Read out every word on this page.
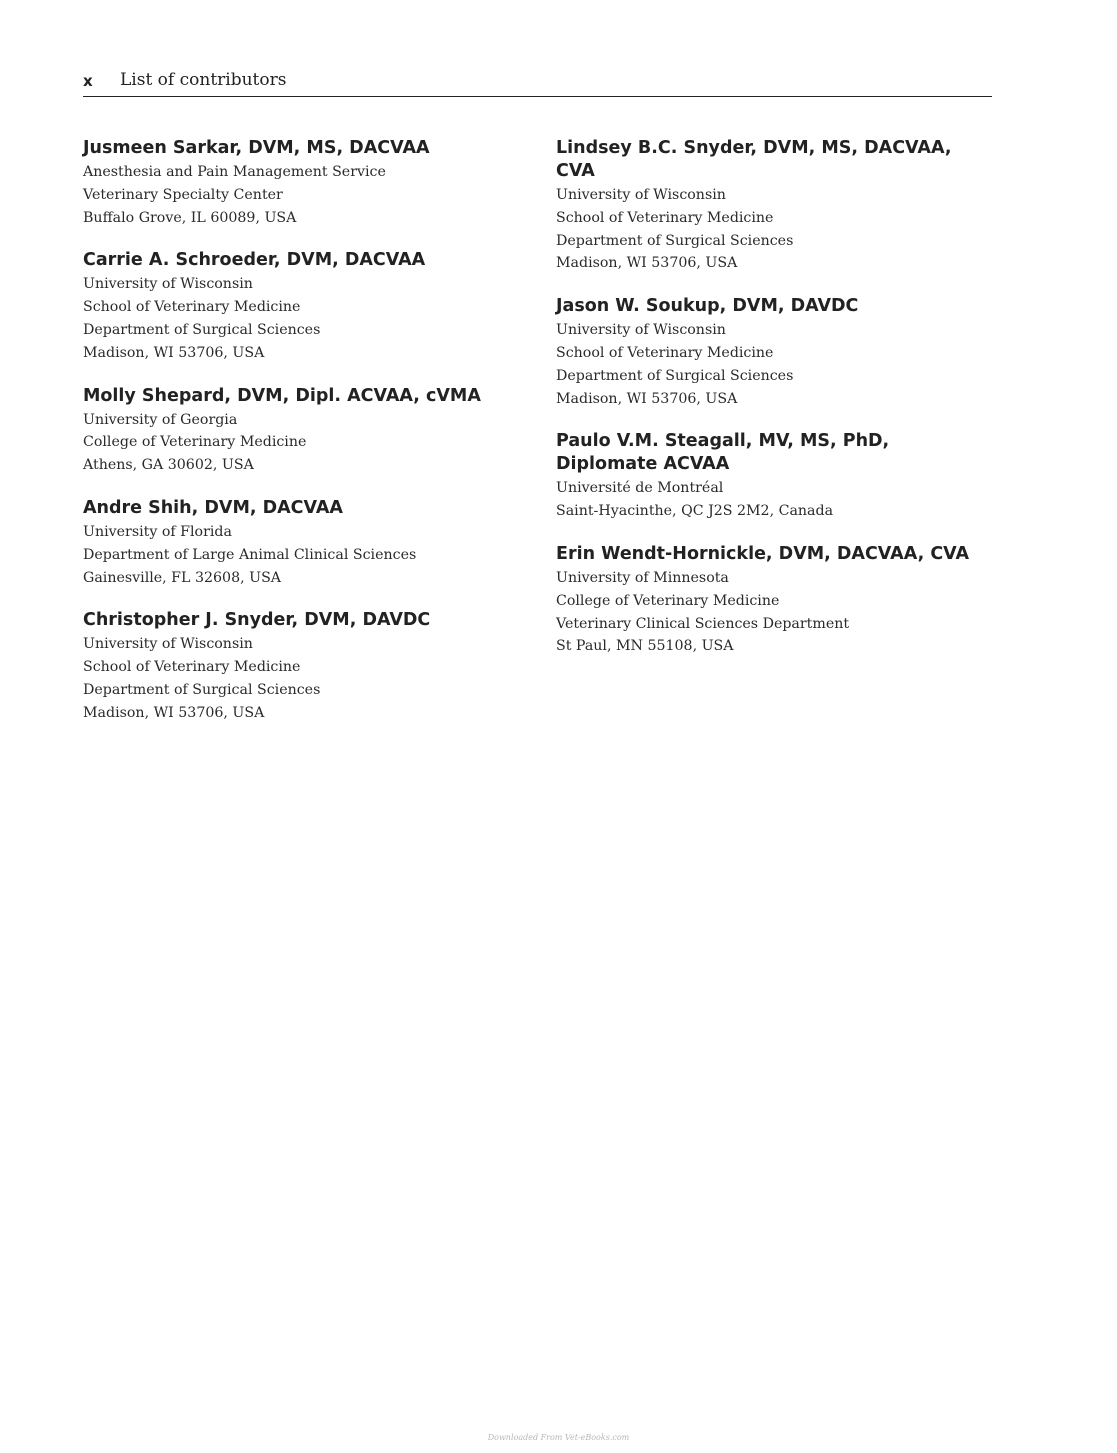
x List of contributors
Jusmeen Sarkar, DVM, MS, DACVAA
Anesthesia and Pain Management Service
Veterinary Specialty Center
Buffalo Grove, IL 60089, USA
Carrie A. Schroeder, DVM, DACVAA
University of Wisconsin
School of Veterinary Medicine
Department of Surgical Sciences
Madison, WI 53706, USA
Molly Shepard, DVM, Dipl. ACVAA, cVMA
University of Georgia
College of Veterinary Medicine
Athens, GA 30602, USA
Andre Shih, DVM, DACVAA
University of Florida
Department of Large Animal Clinical Sciences
Gainesville, FL 32608, USA
Christopher J. Snyder, DVM, DAVDC
University of Wisconsin
School of Veterinary Medicine
Department of Surgical Sciences
Madison, WI 53706, USA
Lindsey B.C. Snyder, DVM, MS, DACVAA, CVA
University of Wisconsin
School of Veterinary Medicine
Department of Surgical Sciences
Madison, WI 53706, USA
Jason W. Soukup, DVM, DAVDC
University of Wisconsin
School of Veterinary Medicine
Department of Surgical Sciences
Madison, WI 53706, USA
Paulo V.M. Steagall, MV, MS, PhD, Diplomate ACVAA
Université de Montréal
Saint-Hyacinthe, QC J2S 2M2, Canada
Erin Wendt-Hornickle, DVM, DACVAA, CVA
University of Minnesota
College of Veterinary Medicine
Veterinary Clinical Sciences Department
St Paul, MN 55108, USA
Downloaded From Vet-eBooks.com
